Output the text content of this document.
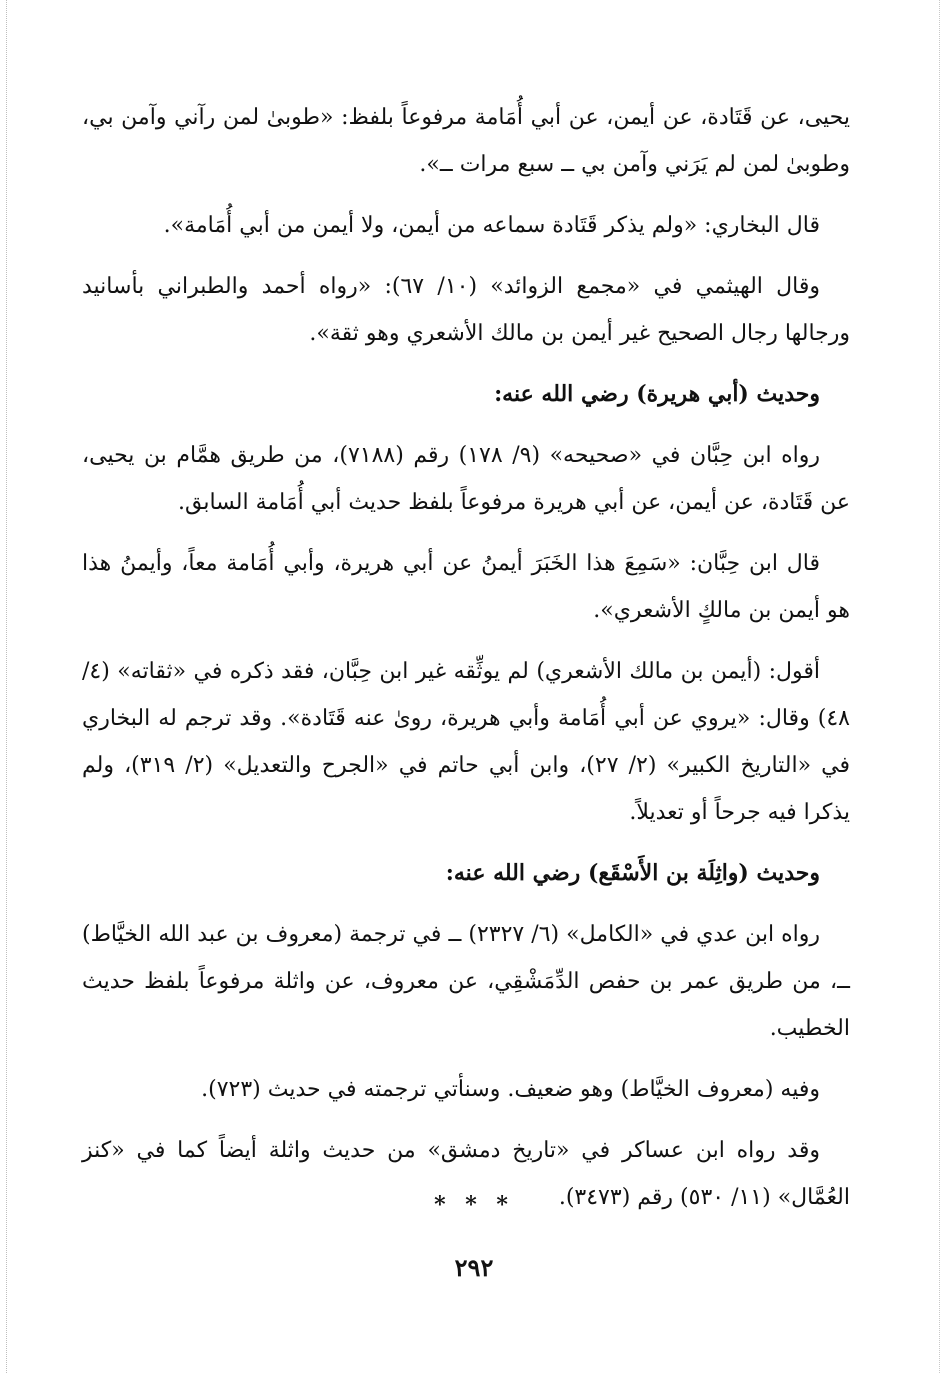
يحيى، عن قَتَادة، عن أيمن، عن أبي أُمَامة مرفوعاً بلفظ: «طوبىٰ لمن رآني وآمن بي، وطوبىٰ لمن لم يَرَني وآمن بي ــ سبع مرات ــ».

قال البخاري: «ولم يذكر قَتَادة سماعه من أيمن، ولا أيمن من أبي أُمَامة».

وقال الهيثمي في «مجمع الزوائد» (١٠/ ٦٧): «رواه أحمد والطبراني بأسانيد ورجالها رجال الصحيح غير أيمن بن مالك الأشعري وهو ثقة».

وحديث (أبي هريرة) رضي الله عنه:

رواه ابن حِبَّان في «صحيحه» (٩/ ١٧٨) رقم (٧١٨٨)، من طريق همَّام بن يحيى، عن قَتَادة، عن أيمن، عن أبي هريرة مرفوعاً بلفظ حديث أبي أُمَامة السابق.

قال ابن حِبَّان: «سَمِعَ هذا الخَبَرَ أيمنُ عن أبي هريرة، وأبي أُمَامة معاً، وأيمنُ هذا هو أيمن بن مالكٍ الأشعري».

أقول: (أيمن بن مالك الأشعري) لم يوثِّقه غير ابن حِبَّان، فقد ذكره في «ثقاته» (٤/ ٤٨) وقال: «يروي عن أبي أُمَامة وأبي هريرة، روىٰ عنه قَتَادة». وقد ترجم له البخاري في «التاريخ الكبير» (٢/ ٢٧)، وابن أبي حاتم في «الجرح والتعديل» (٢/ ٣١٩)، ولم يذكرا فيه جرحاً أو تعديلاً.

وحديث (واثِلَة بن الأَسْقَع) رضي الله عنه:

رواه ابن عدي في «الكامل» (٦/ ٢٣٢٧) ــ في ترجمة (معروف بن عبد الله الخيَّاط) ــ، من طريق عمر بن حفص الدِّمَشْقِي، عن معروف، عن واثلة مرفوعاً بلفظ حديث الخطيب.

وفيه (معروف الخيَّاط) وهو ضعيف. وسنأتي ترجمته في حديث (٧٢٣).

وقد رواه ابن عساكر في «تاريخ دمشق» من حديث واثلة أيضاً كما في «كنز العُمَّال» (١١/ ٥٣٠) رقم (٣٤٧٣).

* * *
٢٩٢
